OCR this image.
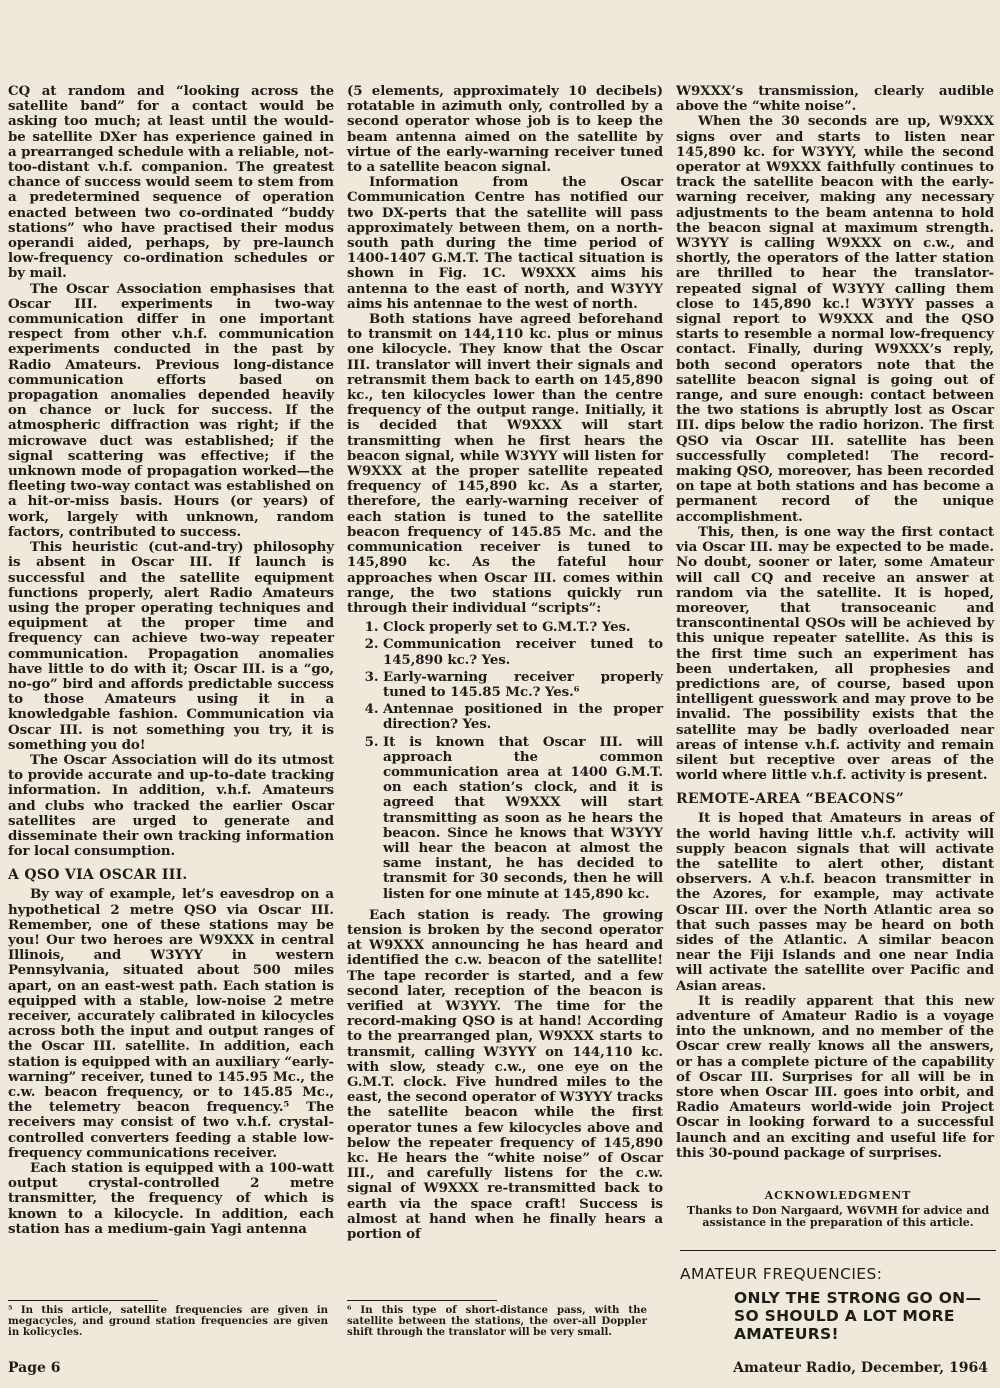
CQ at random and “looking across the satellite band” for a contact would be asking too much; at least until the would-be satellite DXer has experience gained in a prearranged schedule with a reliable, not-too-distant v.h.f. companion. The greatest chance of success would seem to stem from a predetermined sequence of operation enacted between two co-ordinated “buddy stations” who have practised their modus operandi aided, perhaps, by pre-launch low-frequency co-ordination schedules or by mail.

The Oscar Association emphasises that Oscar III. experiments in two-way communication differ in one important respect from other v.h.f. communication experiments conducted in the past by Radio Amateurs. Previous long-distance communication efforts based on propagation anomalies depended heavily on chance or luck for success. If the atmospheric diffraction was right; if the microwave duct was established; if the signal scattering was effective; if the unknown mode of propagation worked—the fleeting two-way contact was established on a hit-or-miss basis. Hours (or years) of work, largely with unknown, random factors, contributed to success.

This heuristic (cut-and-try) philosophy is absent in Oscar III. If launch is successful and the satellite equipment functions properly, alert Radio Amateurs using the proper operating techniques and equipment at the proper time and frequency can achieve two-way repeater communication. Propagation anomalies have little to do with it; Oscar III. is a “go, no-go” bird and affords predictable success to those Amateurs using it in a knowledgable fashion. Communication via Oscar III. is not something you try, it is something you do!

The Oscar Association will do its utmost to provide accurate and up-to-date tracking information. In addition, v.h.f. Amateurs and clubs who tracked the earlier Oscar satellites are urged to generate and disseminate their own tracking information for local consumption.

A QSO VIA OSCAR III.

By way of example, let’s eavesdrop on a hypothetical 2 metre QSO via Oscar III. Remember, one of these stations may be you! Our two heroes are W9XXX in central Illinois, and W3YYY in western Pennsylvania, situated about 500 miles apart, on an east-west path. Each station is equipped with a stable, low-noise 2 metre receiver, accurately calibrated in kilocycles across both the input and output ranges of the Oscar III. satellite. In addition, each station is equipped with an auxiliary “early-warning” receiver, tuned to 145.95 Mc., the c.w. beacon frequency, or to 145.85 Mc., the telemetry beacon frequency.⁵ The receivers may consist of two v.h.f. crystal-controlled converters feeding a stable low-frequency communications receiver.

Each station is equipped with a 100-watt output crystal-controlled 2 metre transmitter, the frequency of which is known to a kilocycle. In addition, each station has a medium-gain Yagi antenna

(5 elements, approximately 10 decibels) rotatable in azimuth only, controlled by a second operator whose job is to keep the beam antenna aimed on the satellite by virtue of the early-warning receiver tuned to a satellite beacon signal.

Information from the Oscar Communication Centre has notified our two DX-perts that the satellite will pass approximately between them, on a north-south path during the time period of 1400-1407 G.M.T. The tactical situation is shown in Fig. 1C. W9XXX aims his antenna to the east of north, and W3YYY aims his antennae to the west of north.

Both stations have agreed beforehand to transmit on 144,110 kc. plus or minus one kilocycle. They know that the Oscar III. translator will invert their signals and retransmit them back to earth on 145,890 kc., ten kilocycles lower than the centre frequency of the output range. Initially, it is decided that W9XXX will start transmitting when he first hears the beacon signal, while W3YYY will listen for W9XXX at the proper satellite repeated frequency of 145,890 kc. As a starter, therefore, the early-warning receiver of each station is tuned to the satellite beacon frequency of 145.85 Mc. and the communication receiver is tuned to 145,890 kc. As the fateful hour approaches when Oscar III. comes within range, the two stations quickly run through their individual “scripts”:

1. Clock properly set to G.M.T.? Yes.
2. Communication receiver tuned to 145,890 kc.? Yes.
3. Early-warning receiver properly tuned to 145.85 Mc.? Yes.⁶
4. Antennae positioned in the proper direction? Yes.
5. It is known that Oscar III. will approach the common communication area at 1400 G.M.T. on each station’s clock, and it is agreed that W9XXX will start transmitting as soon as he hears the beacon. Since he knows that W3YYY will hear the beacon at almost the same instant, he has decided to transmit for 30 seconds, then he will listen for one minute at 145,890 kc.

Each station is ready. The growing tension is broken by the second operator at W9XXX announcing he has heard and identified the c.w. beacon of the satellite! The tape recorder is started, and a few second later, reception of the beacon is verified at W3YYY. The time for the record-making QSO is at hand! According to the prearranged plan, W9XXX starts to transmit, calling W3YYY on 144,110 kc. with slow, steady c.w., one eye on the G.M.T. clock. Five hundred miles to the east, the second operator of W3YYY tracks the satellite beacon while the first operator tunes a few kilocycles above and below the repeater frequency of 145,890 kc. He hears the “white noise” of Oscar III., and carefully listens for the c.w. signal of W9XXX re-transmitted back to earth via the space craft! Success is almost at hand when he finally hears a portion of

W9XXX’s transmission, clearly audible above the “white noise”.

When the 30 seconds are up, W9XXX signs over and starts to listen near 145,890 kc. for W3YYY, while the second operator at W9XXX faithfully continues to track the satellite beacon with the early-warning receiver, making any necessary adjustments to the beam antenna to hold the beacon signal at maximum strength. W3YYY is calling W9XXX on c.w., and shortly, the operators of the latter station are thrilled to hear the translator-repeated signal of W3YYY calling them close to 145,890 kc.! W3YYY passes a signal report to W9XXX and the QSO starts to resemble a normal low-frequency contact. Finally, during W9XXX’s reply, both second operators note that the satellite beacon signal is going out of range, and sure enough: contact between the two stations is abruptly lost as Oscar III. dips below the radio horizon. The first QSO via Oscar III. satellite has been successfully completed! The record-making QSO, moreover, has been recorded on tape at both stations and has become a permanent record of the unique accomplishment.

This, then, is one way the first contact via Oscar III. may be expected to be made. No doubt, sooner or later, some Amateur will call CQ and receive an answer at random via the satellite. It is hoped, moreover, that transoceanic and transcontinental QSOs will be achieved by this unique repeater satellite. As this is the first time such an experiment has been undertaken, all prophesies and predictions are, of course, based upon intelligent guesswork and may prove to be invalid. The possibility exists that the satellite may be badly overloaded near areas of intense v.h.f. activity and remain silent but receptive over areas of the world where little v.h.f. activity is present.

REMOTE-AREA “BEACONS”

It is hoped that Amateurs in areas of the world having little v.h.f. activity will supply beacon signals that will activate the satellite to alert other, distant observers. A v.h.f. beacon transmitter in the Azores, for example, may activate Oscar III. over the North Atlantic area so that such passes may be heard on both sides of the Atlantic. A similar beacon near the Fiji Islands and one near India will activate the satellite over Pacific and Asian areas.

It is readily apparent that this new adventure of Amateur Radio is a voyage into the unknown, and no member of the Oscar crew really knows all the answers, or has a complete picture of the capability of Oscar III. Surprises for all will be in store when Oscar III. goes into orbit, and Radio Amateurs world-wide join Project Oscar in looking forward to a successful launch and an exciting and useful life for this 30-pound package of surprises.

ACKNOWLEDGMENT
Thanks to Don Nargaard, W6VMH for advice and assistance in the preparation of this article.
AMATEUR FREQUENCIES:
ONLY THE STRONG GO ON— SO SHOULD A LOT MORE AMATEURS!
⁵ In this article, satellite frequencies are given in megacycles, and ground station frequencies are given in kolicycles.
⁶ In this type of short-distance pass, with the satellite between the stations, the over-all Doppler shift through the translator will be very small.
Page 6	Amateur Radio, December, 1964
